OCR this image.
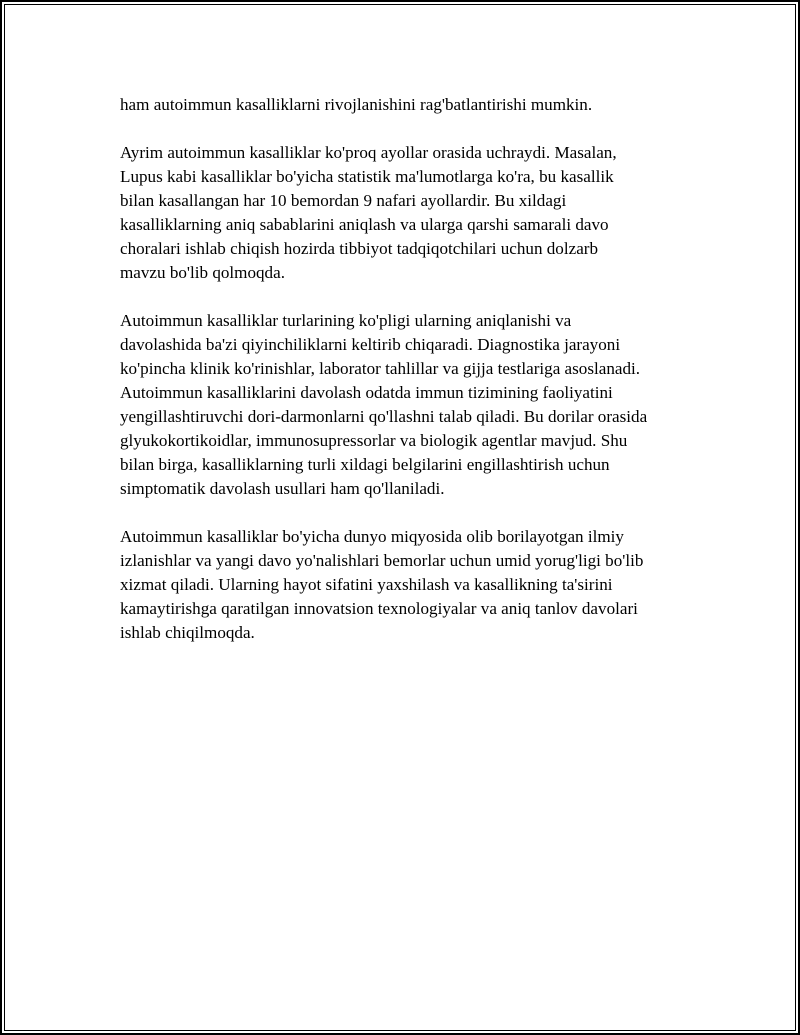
ham autoimmun kasalliklarni rivojlanishini rag'batlantirishi mumkin.

Ayrim autoimmun kasalliklar ko'proq ayollar orasida uchraydi. Masalan,
Lupus kabi kasalliklar bo'yicha statistik ma'lumotlarga ko'ra, bu kasallik
bilan kasallangan har 10 bemordan 9 nafari ayollardir. Bu xildagi
kasalliklarning aniq sabablarini aniqlash va ularga qarshi samarali davo
choralari ishlab chiqish hozirda tibbiyot tadqiqotchilari uchun dolzarb
mavzu bo'lib qolmoqda.

Autoimmun kasalliklar turlarining ko'pligi ularning aniqlanishi va
davolashida ba'zi qiyinchiliklarni keltirib chiqaradi. Diagnostika jarayoni
ko'pincha klinik ko'rinishlar, laborator tahlillar va gijja testlariga asoslanadi.
Autoimmun kasalliklarini davolash odatda immun tizimining faoliyatini
yengillashtiruvchi dori-darmonlarni qo'llashni talab qiladi. Bu dorilar orasida
glyukokortikoidlar, immunosupressorlar va biologik agentlar mavjud. Shu
bilan birga, kasalliklarning turli xildagi belgilarini engillashtirish uchun
simptomatik davolash usullari ham qo'llaniladi.

Autoimmun kasalliklar bo'yicha dunyo miqyosida olib borilayotgan ilmiy
izlanishlar va yangi davo yo'nalishlari bemorlar uchun umid yorug'ligi bo'lib
xizmat qiladi. Ularning hayot sifatini yaxshilash va kasallikning ta'sirini
kamaytirishga qaratilgan innovatsion texnologiyalar va aniq tanlov davolari
ishlab chiqilmoqda.
